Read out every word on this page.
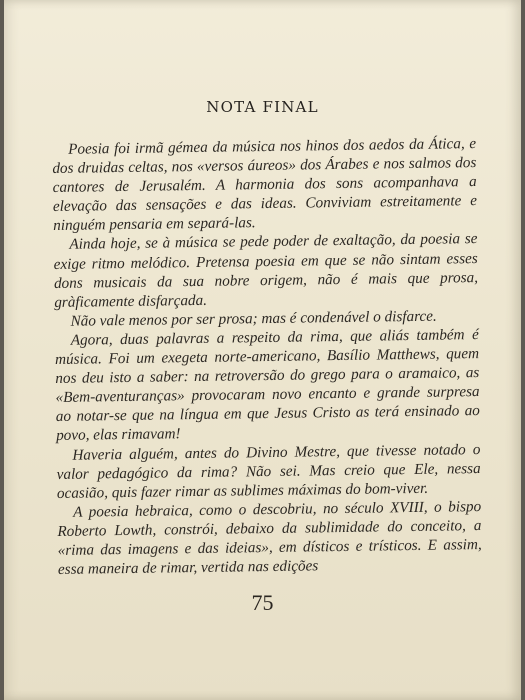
NOTA FINAL

Poesia foi irmã gémea da música nos hinos dos aedos da Ática, e dos druidas celtas, nos «versos áureos» dos Árabes e nos salmos dos cantores de Jerusalém. A harmonia dos sons acompanhava a elevação das sensações e das ideas. Conviviam estreitamente e ninguém pensaria em separá-las.

Ainda hoje, se à música se pede poder de exaltação, da poesia se exige ritmo melódico. Pretensa poesia em que se não sintam esses dons musicais da sua nobre origem, não é mais que prosa, gràficamente disfarçada.

Não vale menos por ser prosa; mas é condenável o disfarce.

Agora, duas palavras a respeito da rima, que aliás também é música. Foi um exegeta norte-americano, Basílio Matthews, quem nos deu isto a saber: na retroversão do grego para o aramaico, as «Bem-aventuranças» provocaram novo encanto e grande surpresa ao notar-se que na língua em que Jesus Cristo as terá ensinado ao povo, elas rimavam!

Haveria alguém, antes do Divino Mestre, que tivesse notado o valor pedagógico da rima? Não sei. Mas creio que Ele, nessa ocasião, quis fazer rimar as sublimes máximas do bom-viver.

A poesia hebraica, como o descobriu, no século XVIII, o bispo Roberto Lowth, constrói, debaixo da sublimidade do conceito, a «rima das imagens e das ideias», em dísticos e trísticos. E assim, essa maneira de rimar, vertida nas edições

75
